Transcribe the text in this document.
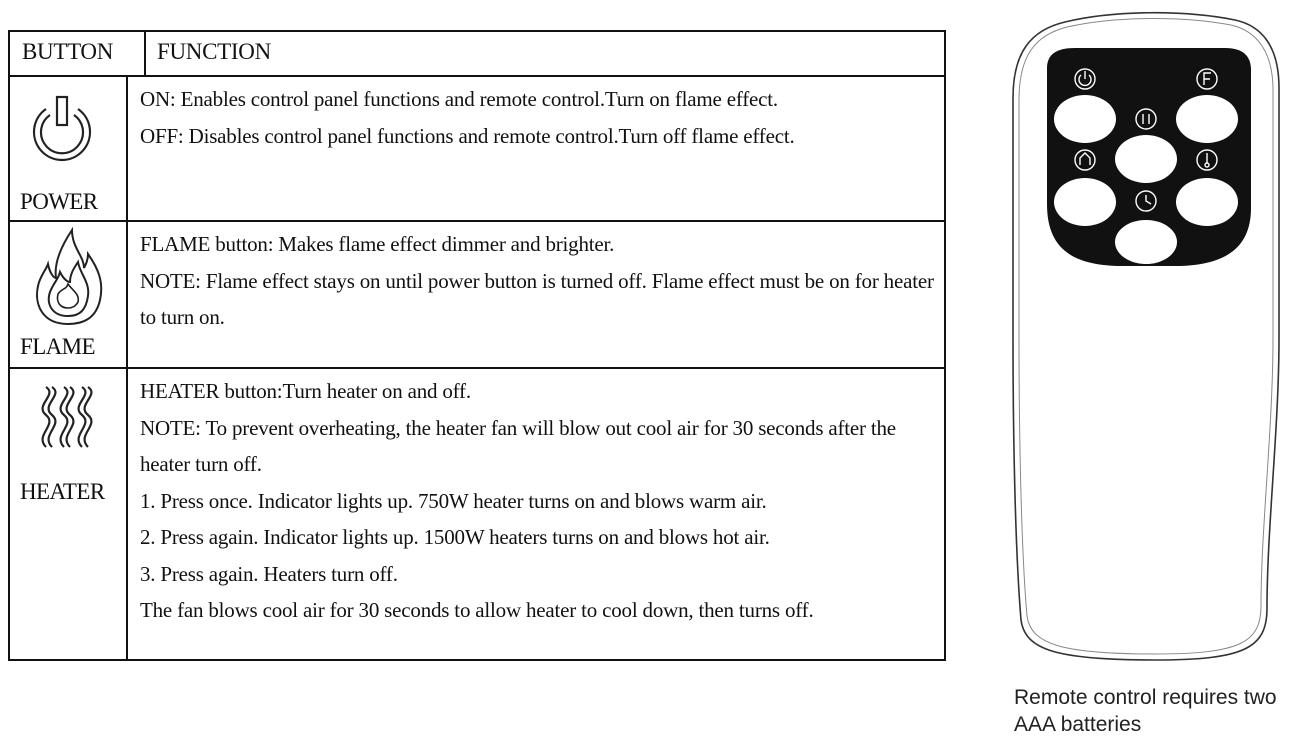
BUTTON FUNCTION
POWER

ON: Enables control panel functions and remote control.Turn on flame effect.

OFF: Disables control panel functions and remote control.Turn off flame effect.

FLAME

FLAME button: Makes flame effect dimmer and brighter.

NOTE: Flame effect stays on until power button is turned off. Flame effect must be on for heater to turn on.

HEATER

HEATER button:Turn heater on and off.

NOTE: To prevent overheating, the heater fan will blow out cool air for 30 seconds after the heater turn off.

1. Press once. Indicator lights up. 750W heater turns on and blows warm air.

2. Press again. Indicator lights up. 1500W heaters turns on and blows hot air.

3. Press again. Heaters turn off.

The fan blows cool air for 30 seconds to allow heater to cool down, then turns off.

Remote control requires two AAA batteries
